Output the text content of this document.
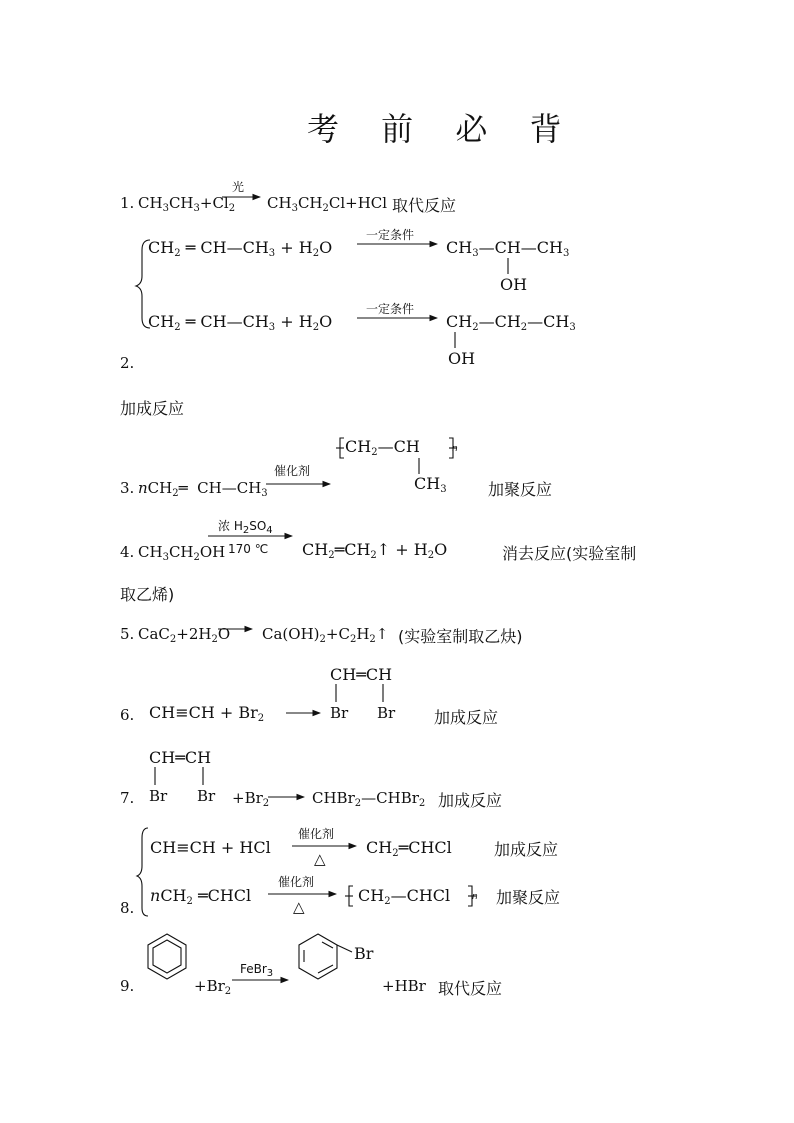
考 前 必 背
1. $CH_3CH_3+Cl_2$
光
$CH_3CH_2Cl+HCl$ 取代反应
$CH_2$ ═ $CH—CH_3 + H_2O$
一定条件
$CH_3—CH—CH_3$
OH
$CH_2$ ═ $CH—CH_3 + H_2O$
一定条件
$CH_2—CH_2—CH_3$
OH
2.
加成反应
$CH_2—CH$
$CH_3$
n
3. nCH$_2$═  $CH—CH_3$
催化剂
加聚反应
浓 $H_2SO_4$
170 ℃
4. $CH_3CH_2OH$	$CH_2═CH_2↑ + H_2O$	消去反应(实验室制
取乙烯)
5. $CaC_2+2H_2O$ $Ca(OH)_2+C_2H_2↑$ (实验室制取乙炔)
CH═CH
6. $CH\equiv CH + Br_2$	Br Br 加成反应
CH═CH
7. Br $Br +Br_2$	CHBr$_2$—CHBr$_2$ 加成反应
CH≡CH + HCl
催化剂
△
$CH_2═CHCl$	加成反应
nCH$_2$ ═CHCl
催化剂
△
$CH_2—CHCl$ n 加聚反应
8.
FeBr$_3$
Br
9.	$+Br_2$	+HBr 取代反应
